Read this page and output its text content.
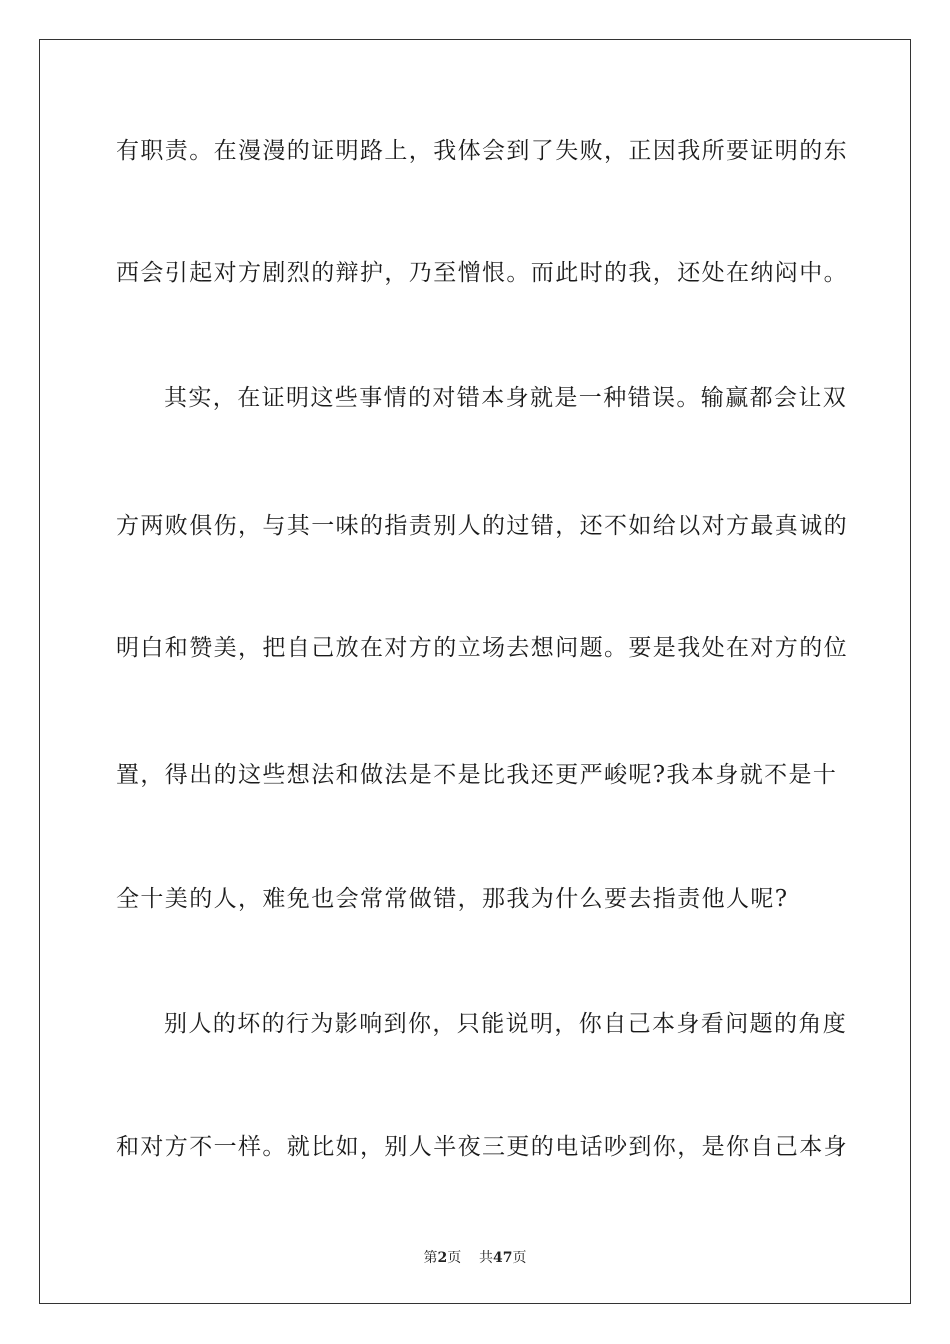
有职责。在漫漫的证明路上，我体会到了失败，正因我所要证明的东
西会引起对方剧烈的辩护，乃至憎恨。而此时的我，还处在纳闷中。
其实，在证明这些事情的对错本身就是一种错误。输赢都会让双
方两败俱伤，与其一味的指责别人的过错，还不如给以对方最真诚的
明白和赞美，把自己放在对方的立场去想问题。要是我处在对方的位
置，得出的这些想法和做法是不是比我还更严峻呢?我本身就不是十
全十美的人，难免也会常常做错，那我为什么要去指责他人呢?
别人的坏的行为影响到你，只能说明，你自己本身看问题的角度
和对方不一样。就比如，别人半夜三更的电话吵到你，是你自己本身
第2页 共47页
